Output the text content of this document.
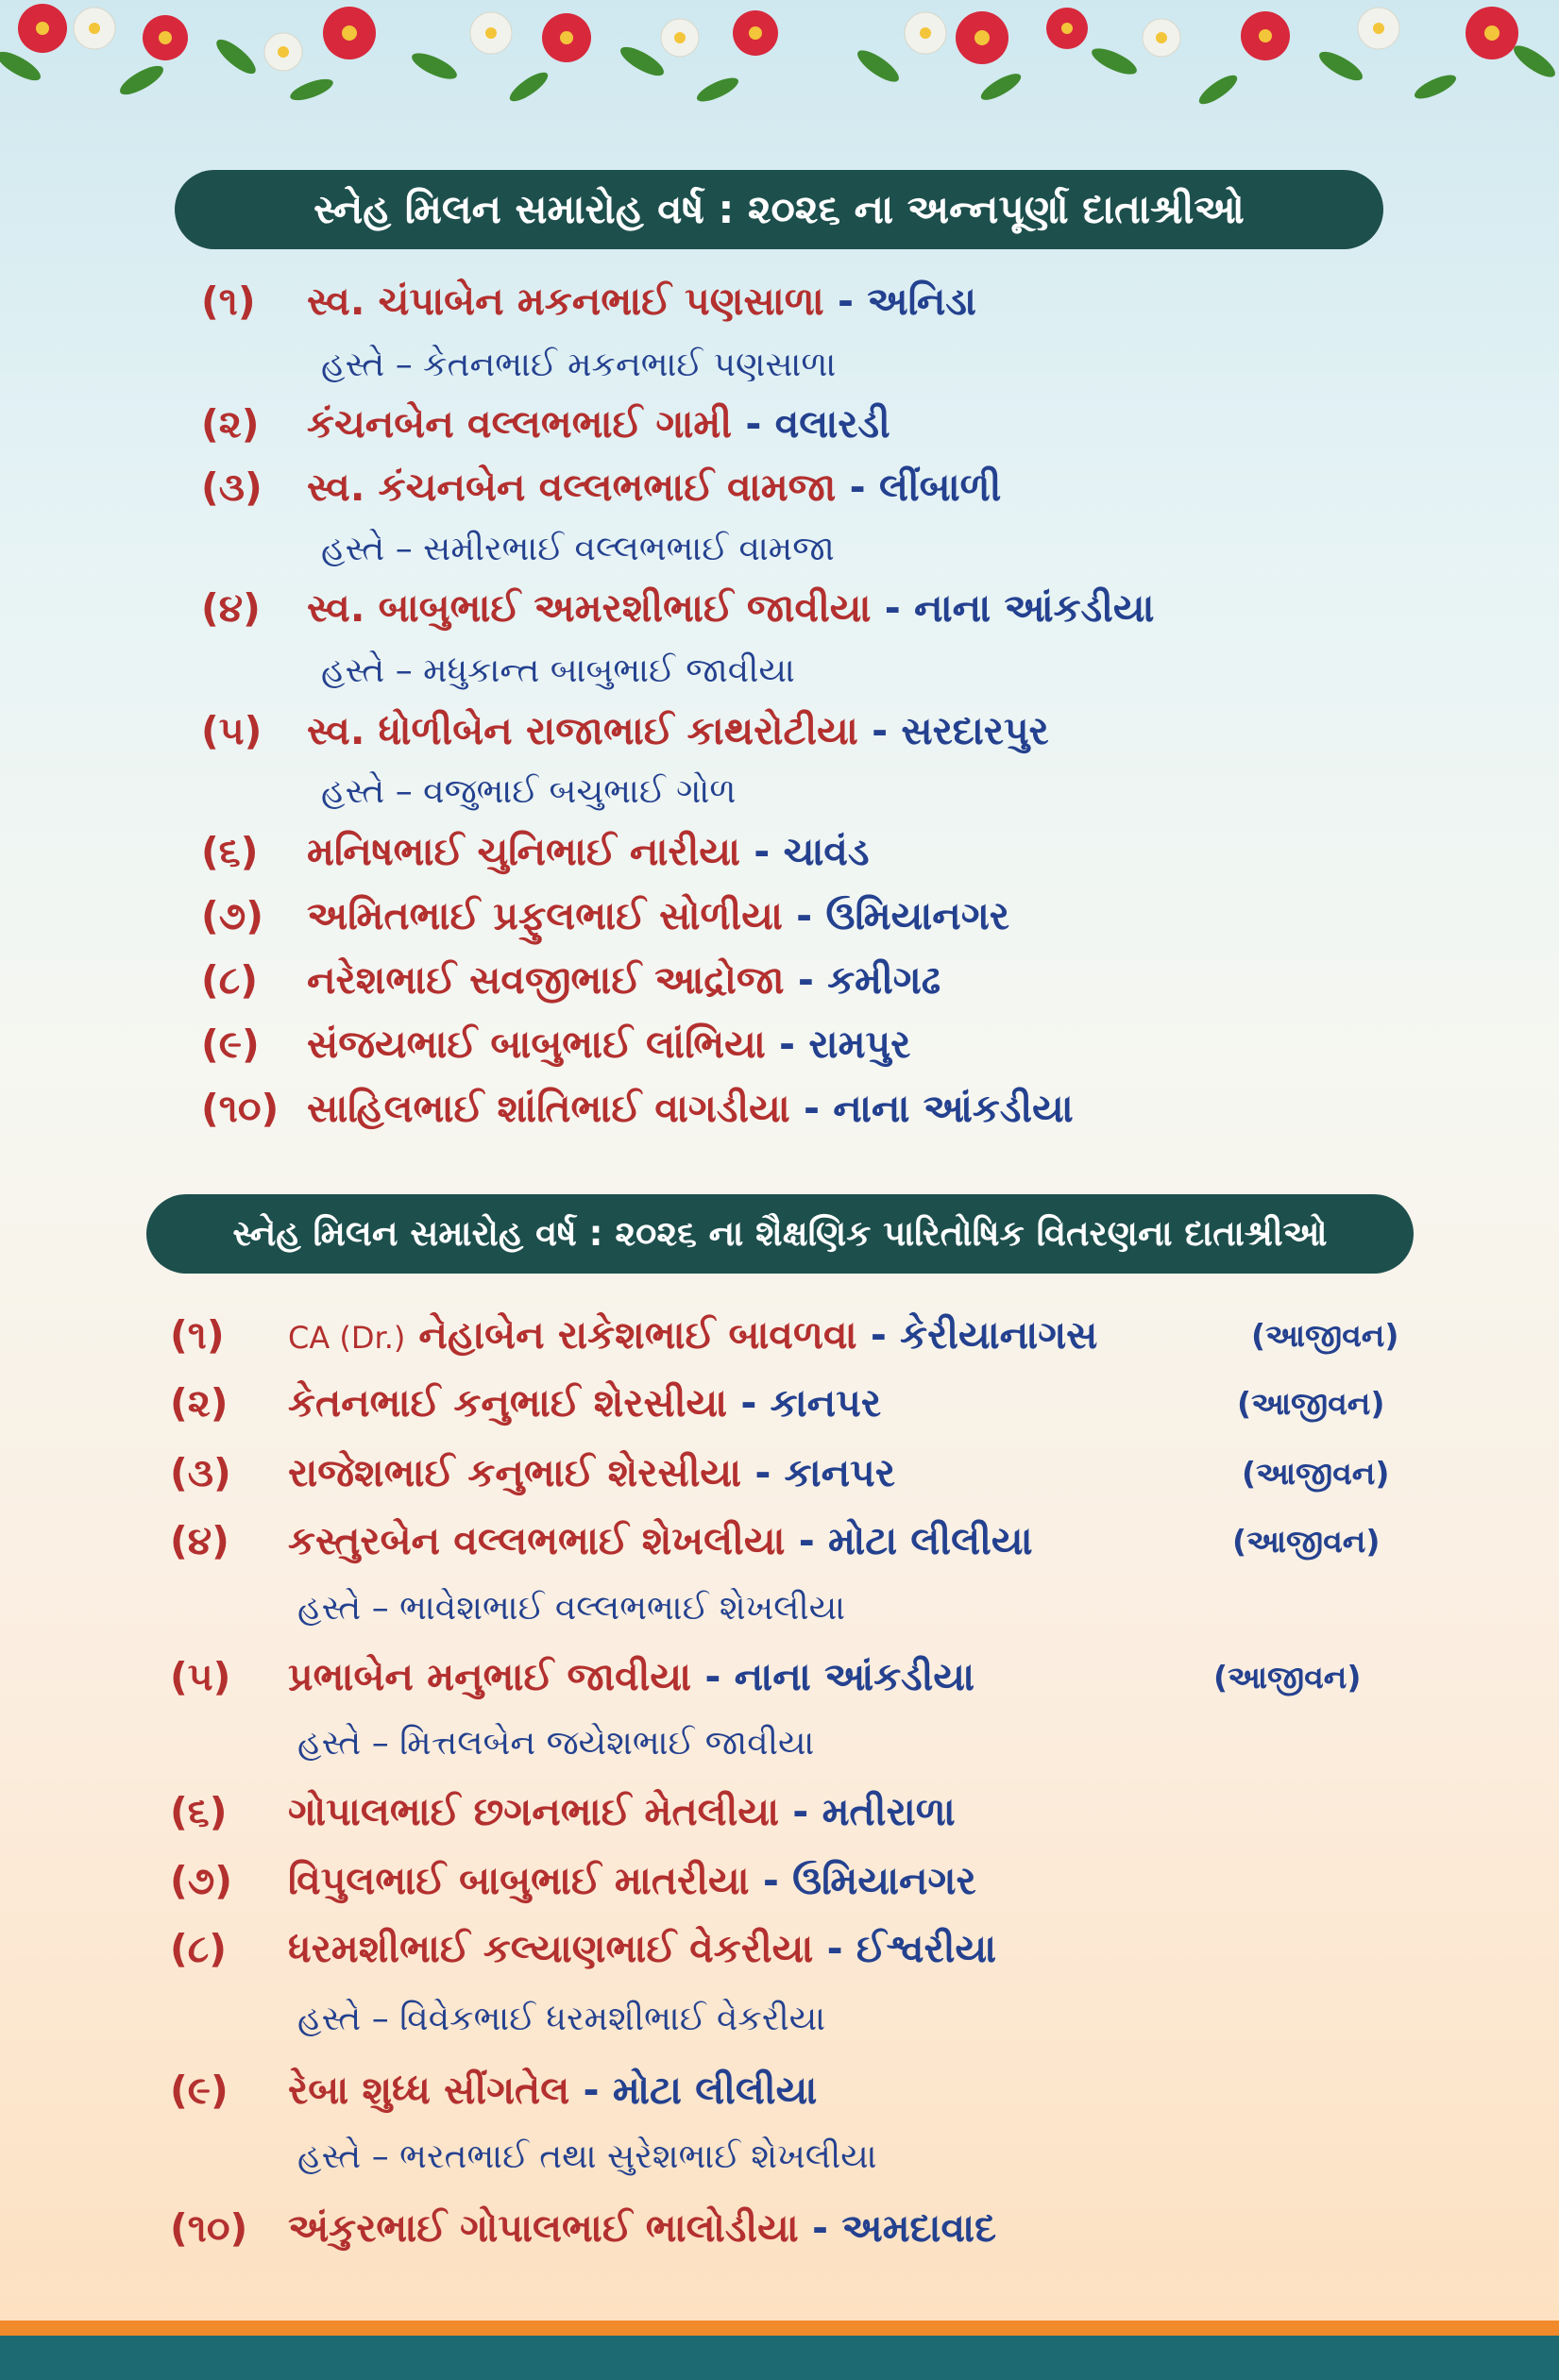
સ્નેહ મિલન સમારોહ વર્ષ : ૨૦૨૬ ના અન્નપૂર્ણા દાતાશ્રીઓ
(૧) સ્વ. ચંપાબેન મકનભાઈ પણસાળા - અનિડા
હસ્તે – કેતનભાઈ મકનભાઈ પણસાળા
(૨) કંચનબેન વલ્લભભાઈ ગામી - વલારડી
(૩) સ્વ. કંચનબેન વલ્લભભાઈ વામજા - લીંબાળી
હસ્તે – સમીરભાઈ વલ્લભભાઈ વામજા
(૪) સ્વ. બાબુભાઈ અમરશીભાઈ જાવીયા - નાના આંકડીયા
હસ્તે – મધુકાન્ત બાબુભાઈ જાવીયા
(૫) સ્વ. ધોળીબેન રાજાભાઈ કાથરોટીયા - સરદારપુર
હસ્તે – વજુભાઈ બચુભાઈ ગોળ
(૬) મનિષભાઈ ચુનિભાઈ નારીયા - ચાવંડ
(૭) અમિતભાઈ પ્રફુલભાઈ સોળીયા - ઉમિયાનગર
(૮) નરેશભાઈ સવજીભાઈ આદ્રોજા - કમીગઢ
(૯) સંજયભાઈ બાબુભાઈ લાંભિયા - રામપુર
(૧૦) સાહિલભાઈ શાંતિભાઈ વાગડીયા - નાના આંકડીયા
સ્નેહ મિલન સમારોહ વર્ષ : ૨૦૨૬ ના શૈક્ષણિક પારિતોષિક વિતરણના દાતાશ્રીઓ
(૧) CA (Dr.) નેહાબેન રાકેશભાઈ બાવળવા - કેરીયાનાગસ	(આજીવન)
(૨) કેતનભાઈ કનુભાઈ શેરસીયા - કાનપર	(આજીવન)
(૩) રાજેશભાઈ કનુભાઈ શેરસીયા - કાનપર	(આજીવન)
(૪) કસ્તુરબેન વલ્લભભાઈ શેખલીયા - મોટા લીલીયા	(આજીવન)
હસ્તે – ભાવેશભાઈ વલ્લભભાઈ શેખલીયા
(૫) પ્રભાબેન મનુભાઈ જાવીયા - નાના આંકડીયા	(આજીવન)
હસ્તે – મિત્તલબેન જયેશભાઈ જાવીયા
(૬) ગોપાલભાઈ છગનભાઈ મેતલીયા - મતીરાળા
(૭) વિપુલભાઈ બાબુભાઈ માતરીયા - ઉમિયાનગર
(૮) ધરમશીભાઈ કલ્યાણભાઈ વેકરીયા - ઈશ્વરીયા
હસ્તે – વિવેકભાઈ ધરમશીભાઈ વેકરીયા
(૯) રેબા શુધ્ધ સીંગતેલ - મોટા લીલીયા
હસ્તે – ભરતભાઈ તથા સુરેશભાઈ શેખલીયા
(૧૦) અંકુરભાઈ ગોપાલભાઈ ભાલોડીયા - અમદાવાદ
